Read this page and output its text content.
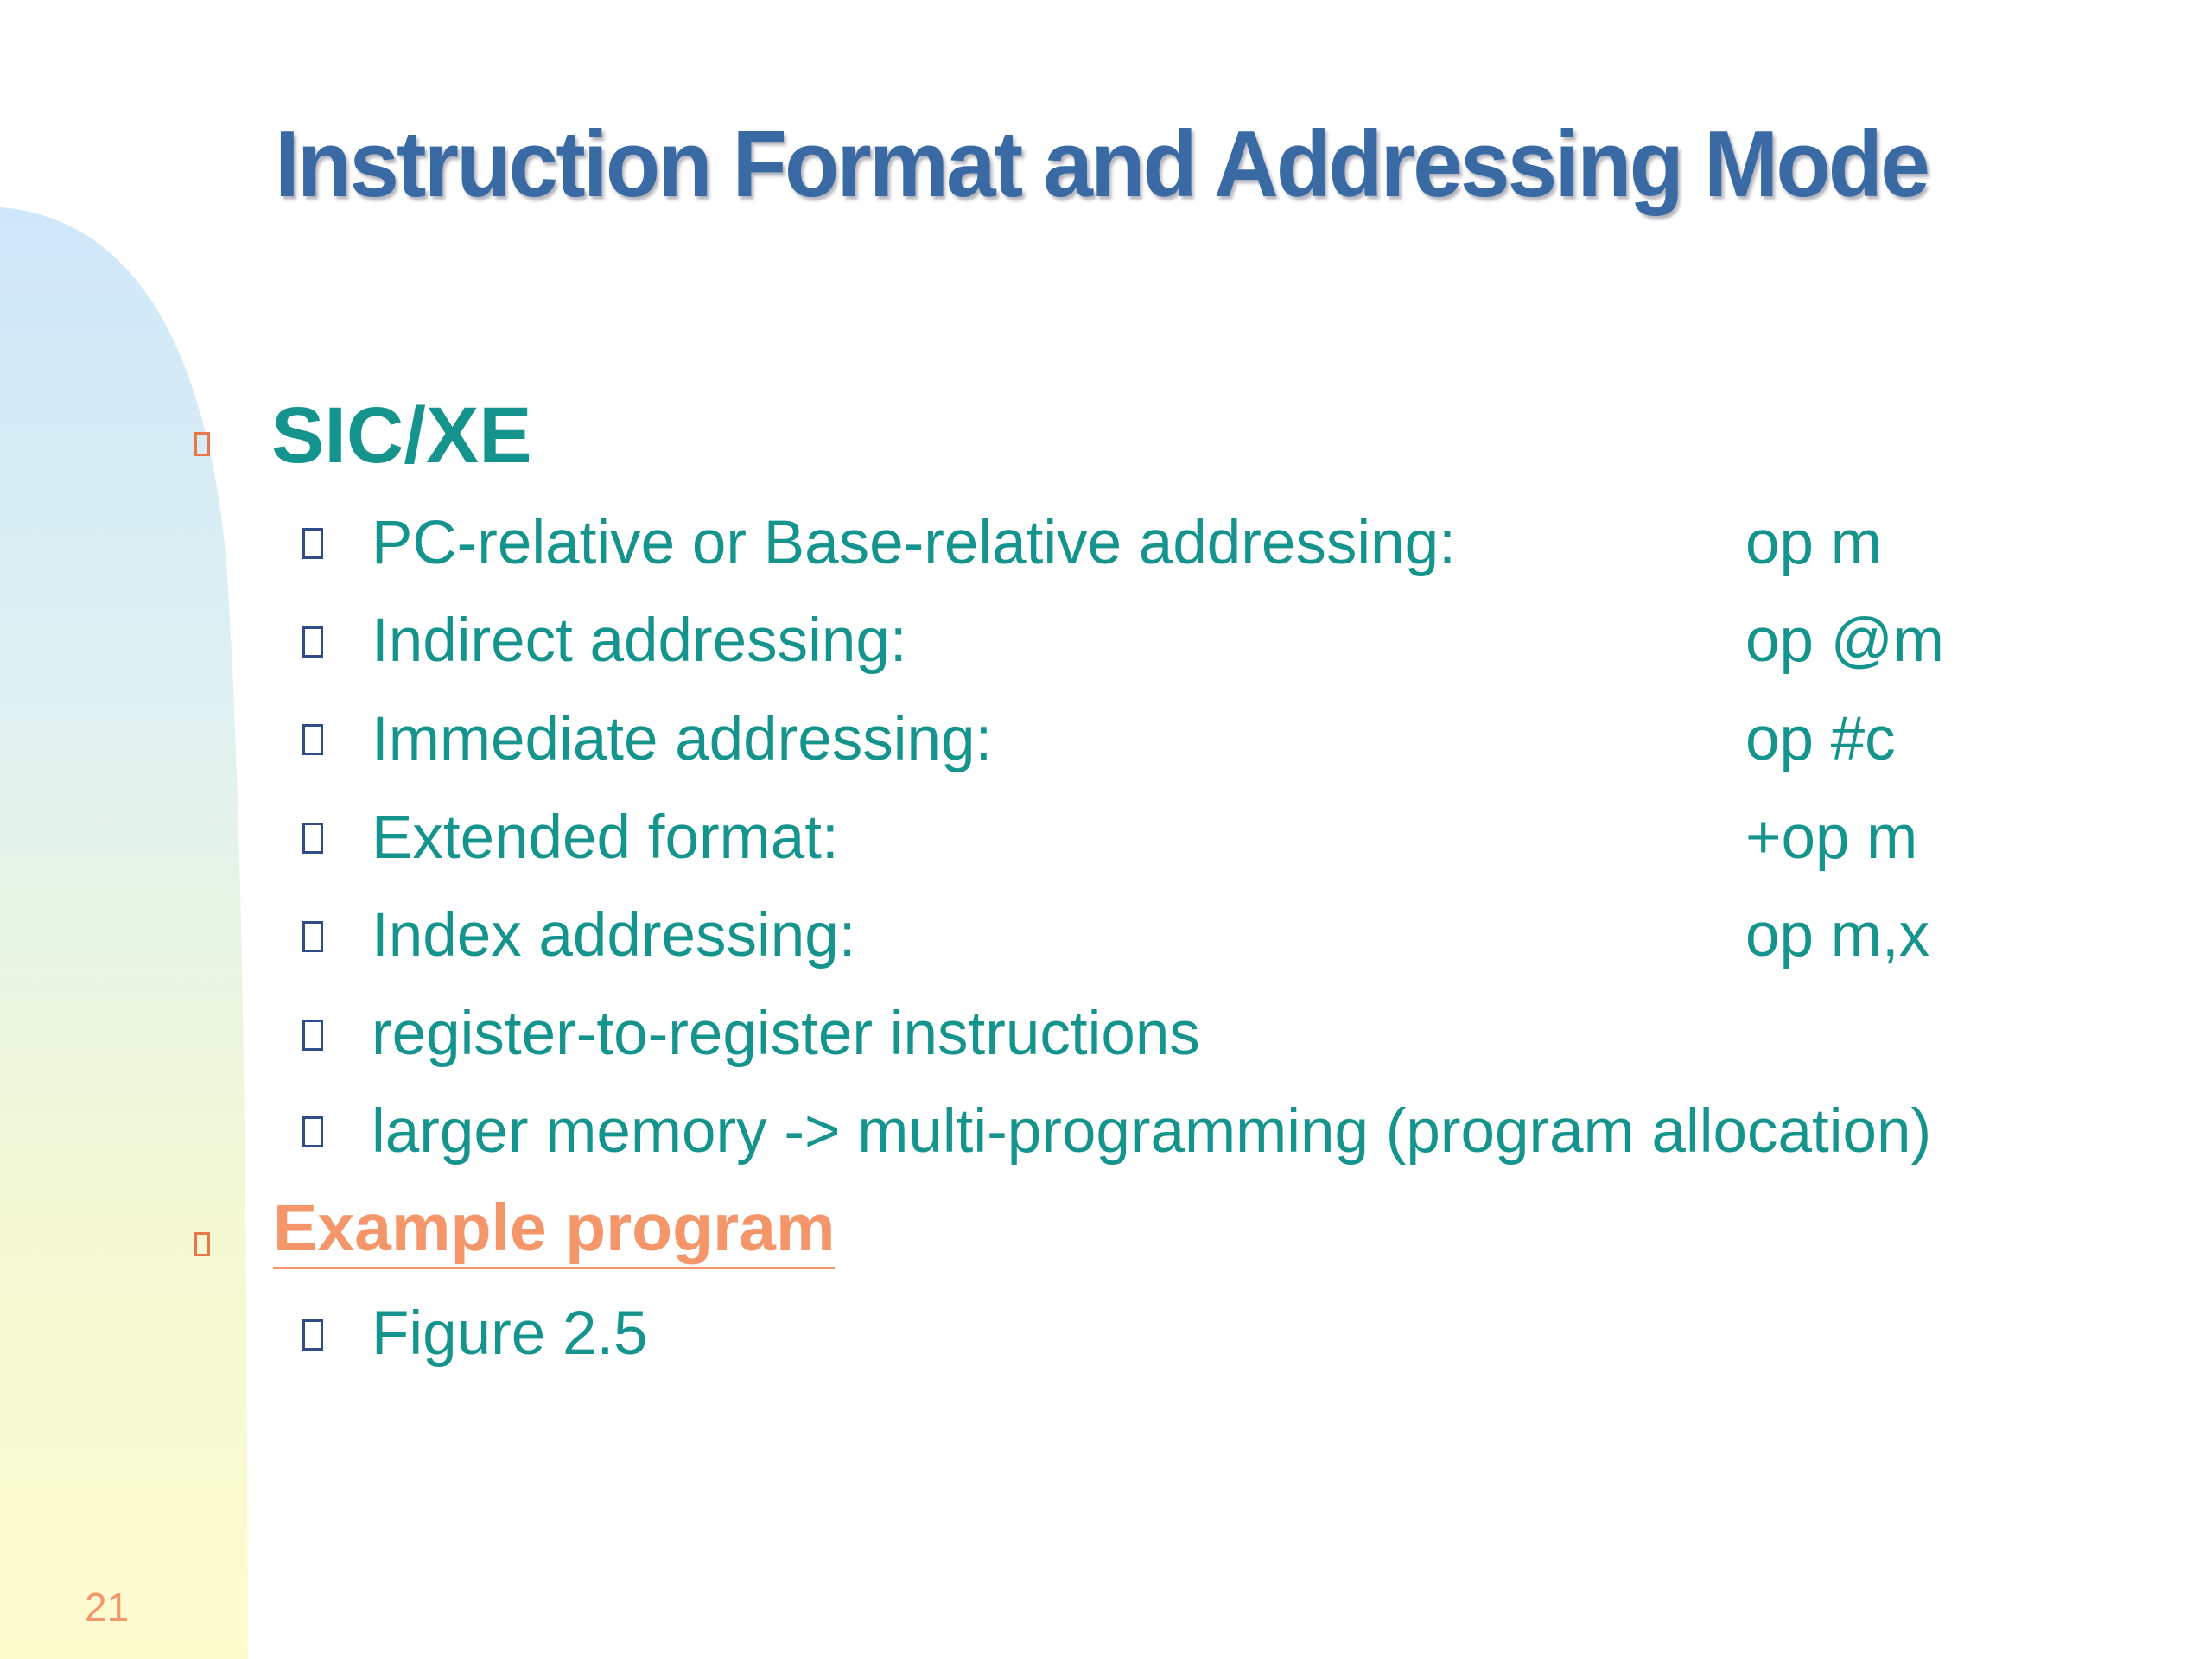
Instruction Format and Addressing Mode
SIC/XE
PC-relative or Base-relative addressing:	op m
Indirect addressing:	op @m
Immediate addressing:	op #c
Extended format:	+op m
Index addressing:	op m,x
register-to-register instructions
larger memory -> multi-programming (program allocation)
Example program
Figure 2.5
21
